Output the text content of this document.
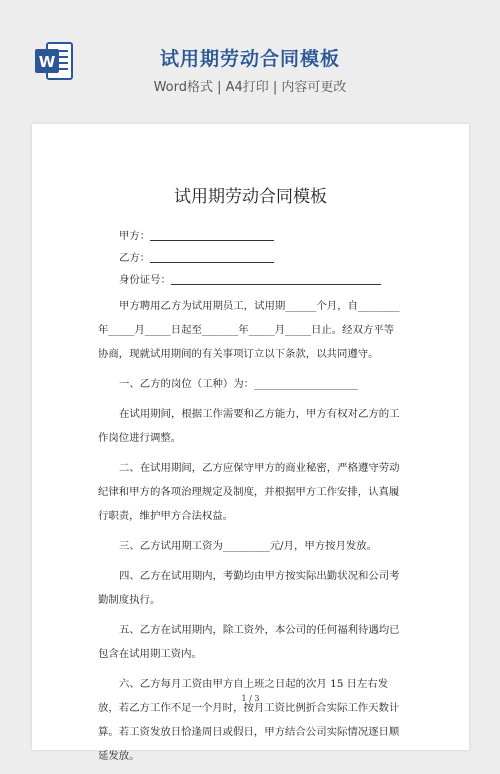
W	试用期劳动合同模板
Word格式 | A4打印 | 内容可更改
试用期劳动合同模板

甲方：

乙方：

身份证号：

甲方聘用乙方为试用期员工，试用期______个月，自________年_____月_____日起至_______年_____月_____日止。经双方平等协商，现就试用期间的有关事项订立以下条款，以共同遵守。

一、乙方的岗位（工种）为：____________________

在试用期间，根据工作需要和乙方能力，甲方有权对乙方的工作岗位进行调整。

二、在试用期间，乙方应保守甲方的商业秘密，严格遵守劳动纪律和甲方的各项治理规定及制度，并根据甲方工作安排，认真履行职责，维护甲方合法权益。

三、乙方试用期工资为_________元/月，甲方按月发放。

四、乙方在试用期内，考勤均由甲方按实际出勤状况和公司考勤制度执行。

五、乙方在试用期内，除工资外，本公司的任何福利待遇均已包含在试用期工资内。

六、乙方每月工资由甲方自上班之日起的次月 15 日左右发放，若乙方工作不足一个月时，按月工资比例折合实际工作天数计算。若工资发放日恰逢周日或假日，甲方结合公司实际情况逐日顺延发放。

1 / 3
